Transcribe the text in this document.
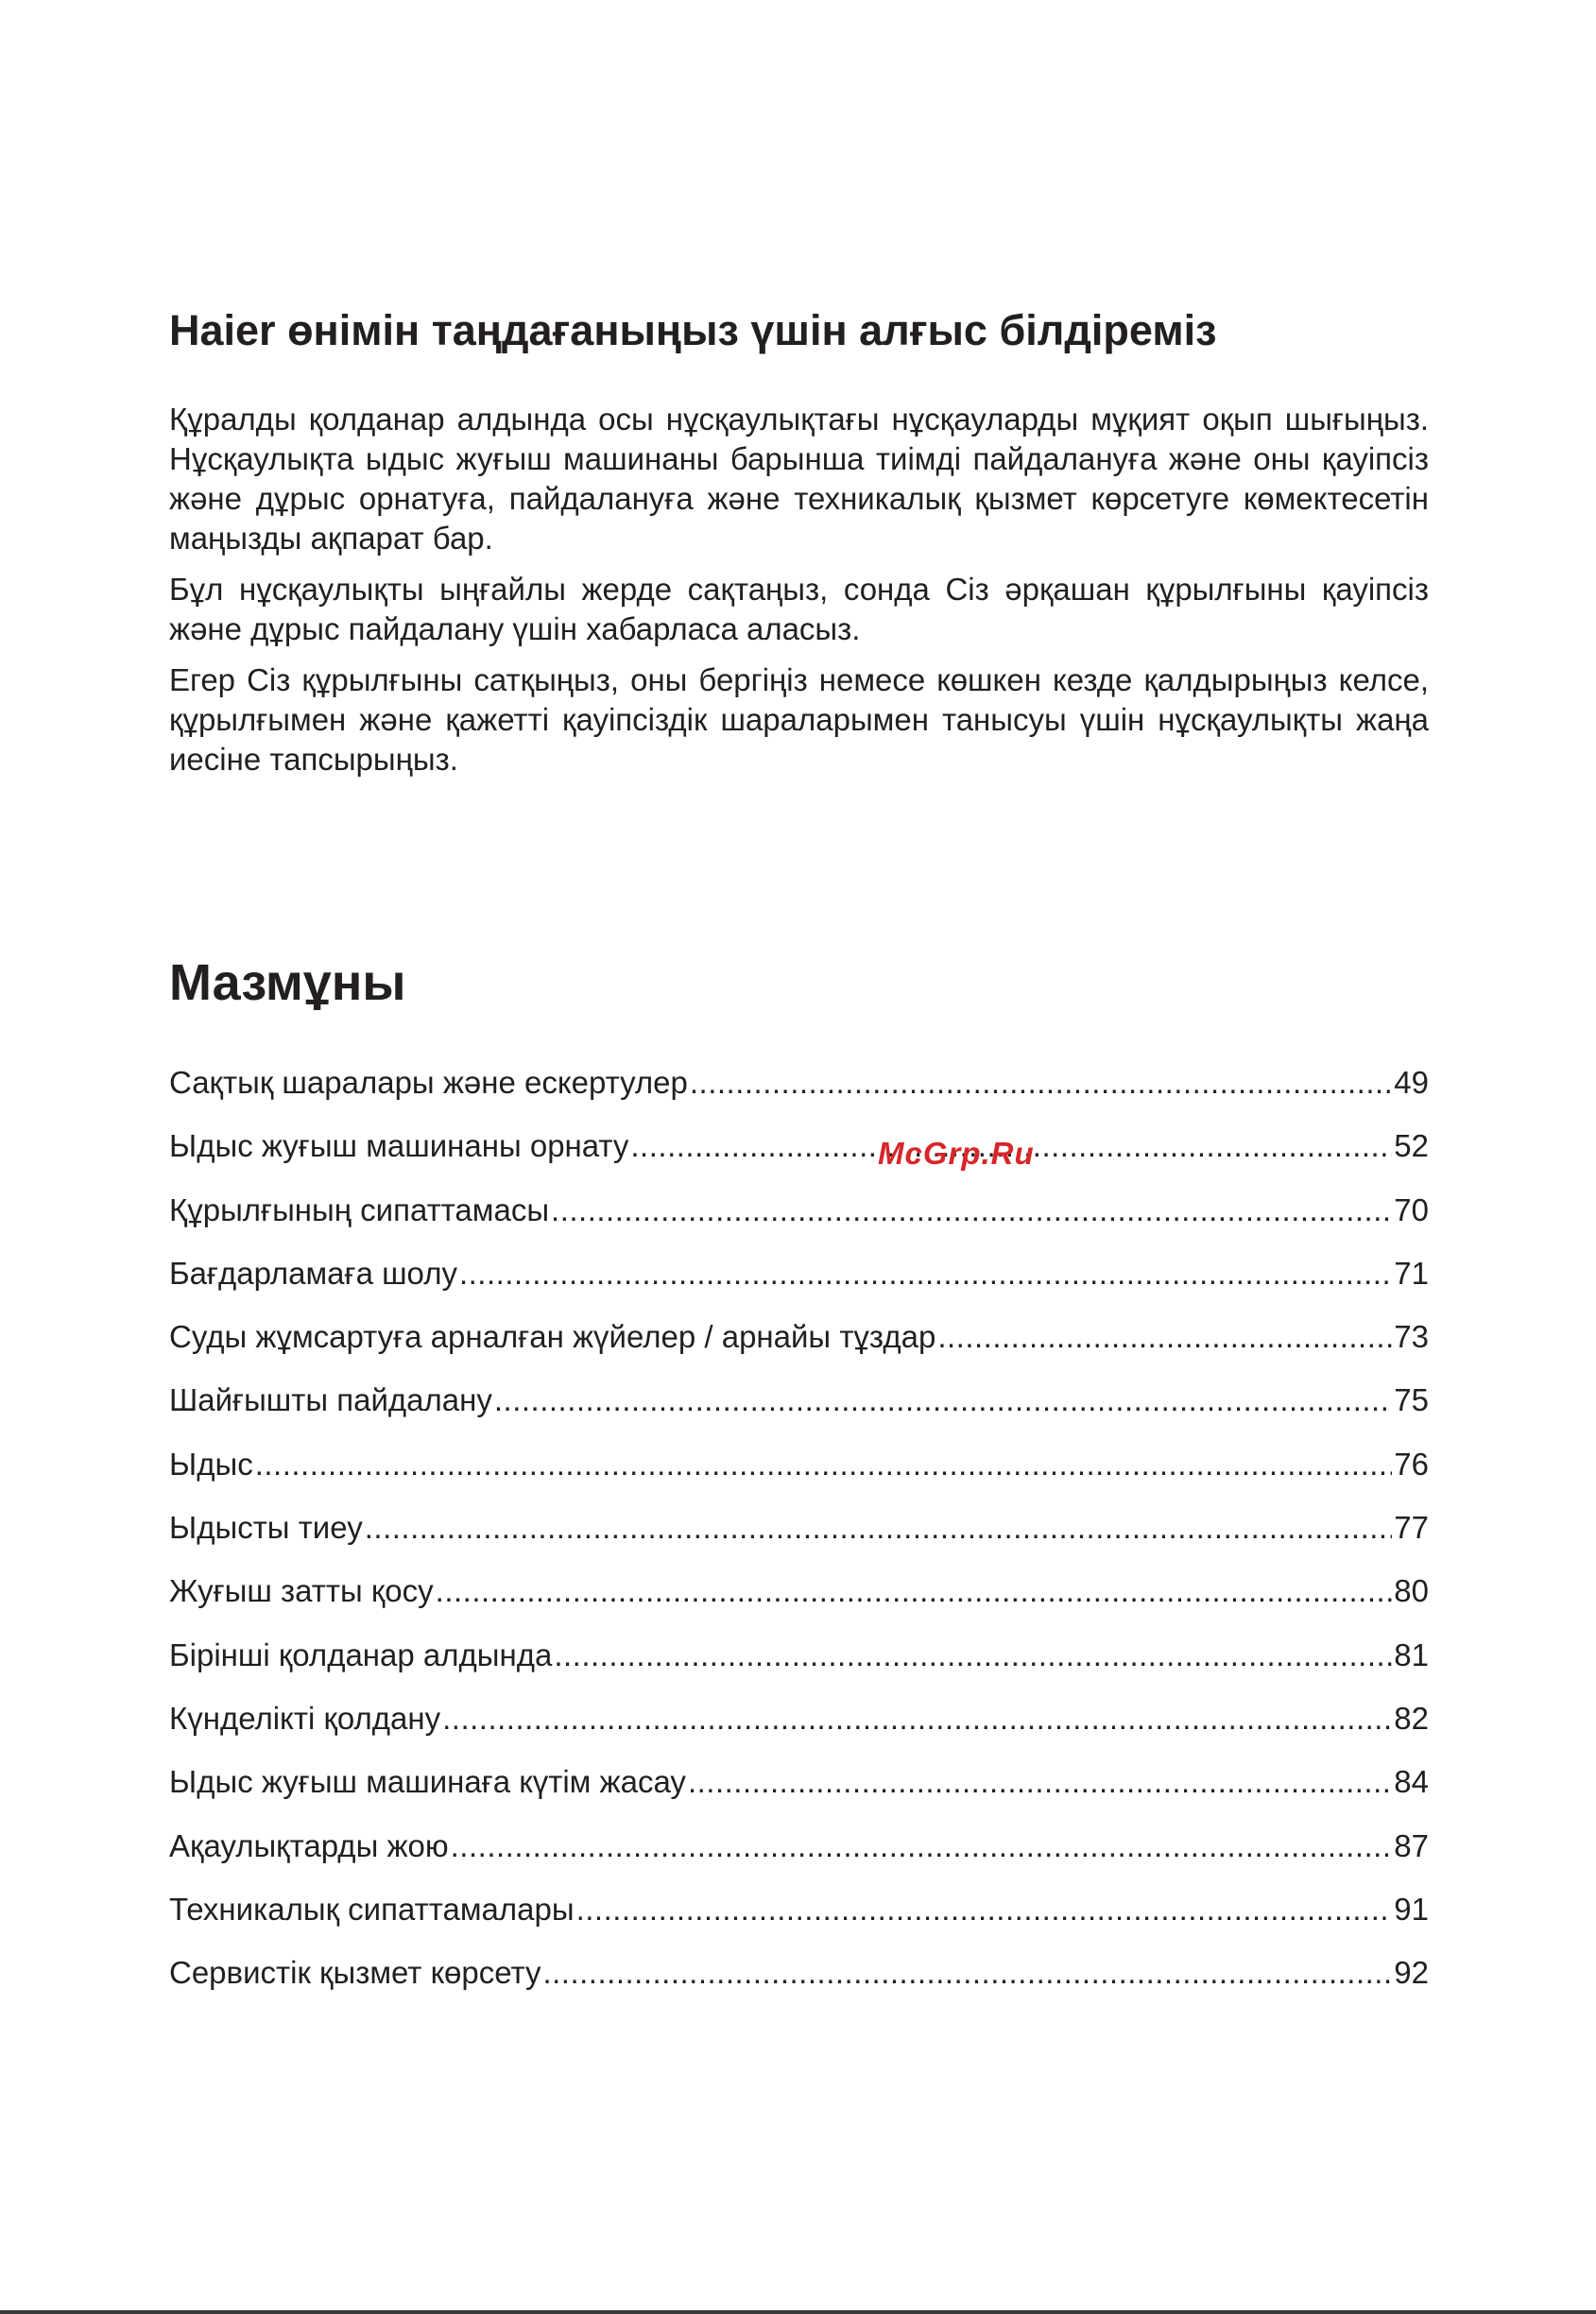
Haier өнімін таңдағаныңыз үшін алғыс білдіреміз

Құралды қолданар алдында осы нұсқаулықтағы нұсқауларды мұқият оқып шығыңыз. Нұсқаулықта ыдыс жуғыш машинаны барынша тиімді пайдалануға және оны қауіпсіз және дұрыс орнатуға, пайдалануға және техникалық қызмет көрсетуге көмектесетін маңызды ақпарат бар.

Бұл нұсқаулықты ыңғайлы жерде сақтаңыз, сонда Сіз әрқашан құрылғыны қауіпсіз және дұрыс пайдалану үшін хабарласа аласыз.

Егер Сіз құрылғыны сатқыңыз, оны бергіңіз немесе көшкен кезде қалдырыңыз келсе, құрылғымен және қажетті қауіпсіздік шараларымен танысуы үшін нұсқаулықты жаңа иесіне тапсырыңыз.

Мазмұны
Сақтық шаралары және ескертулер .....	49
Ыдыс жуғыш машинаны орнату .....	52
Құрылғының сипаттамасы .....	70
Бағдарламаға шолу .....	71
Суды жұмсартуға арналған жүйелер / арнайы тұздар .....	73
Шайғышты пайдалану .....	75
Ыдыс .....	76
Ыдысты тиеу .....	77
Жуғыш затты қосу .....	80
Бірінші қолданар алдында .....	81
Күнделікті қолдану .....	82
Ыдыс жуғыш машинаға күтім жасау .....	84
Ақаулықтарды жою .....	87
Техникалық сипаттамалары .....	91
Сервистік қызмет көрсету .....	92

McGrp.Ru
